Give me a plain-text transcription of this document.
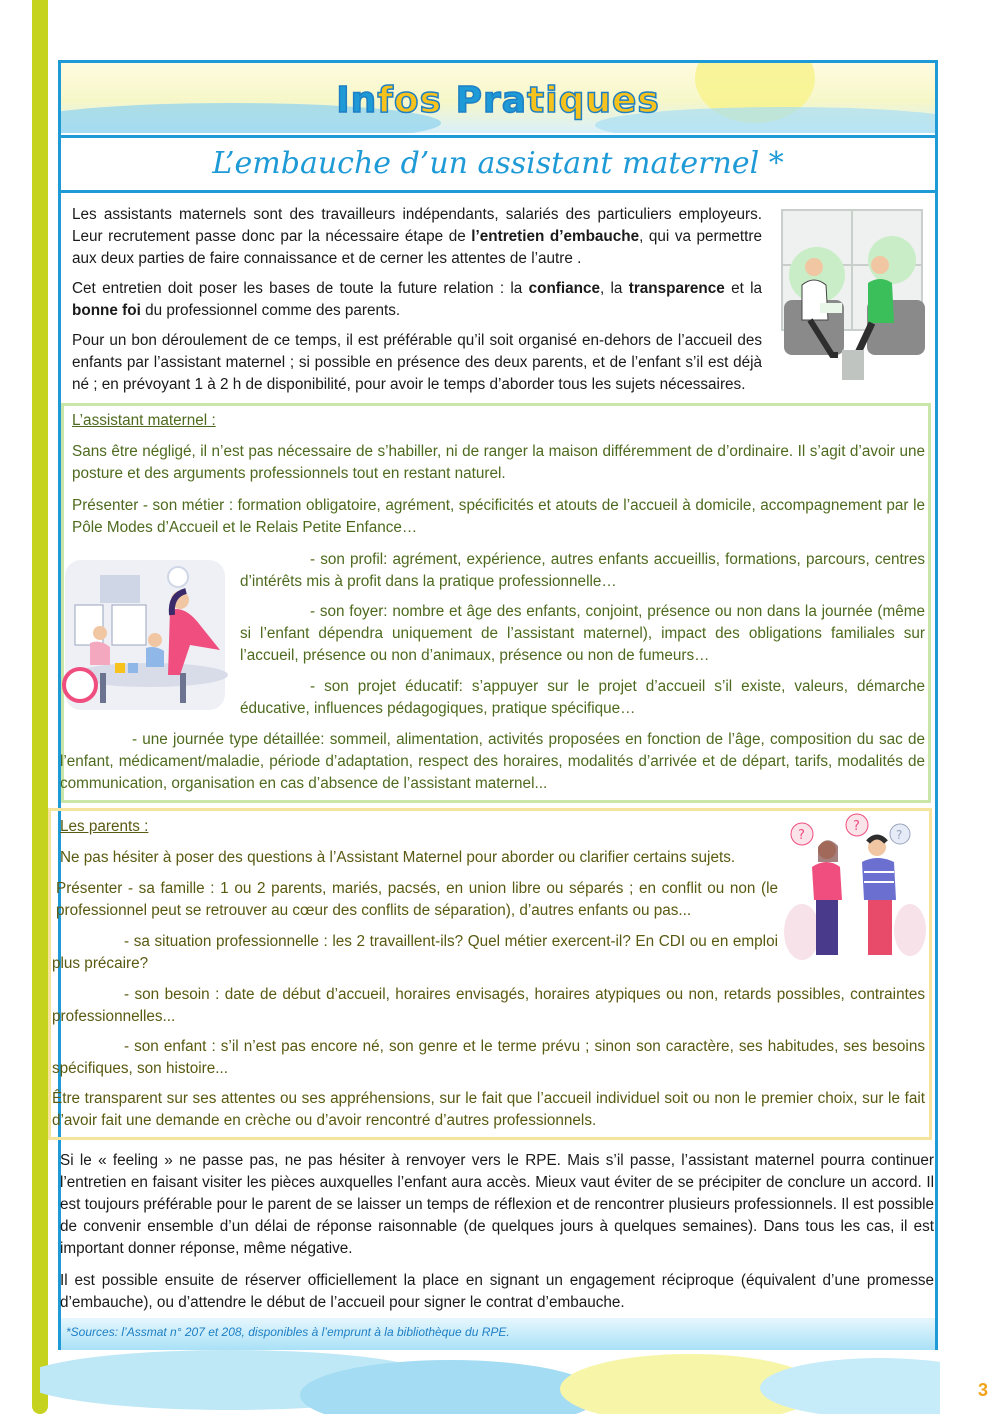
Infos Pratiques
L’embauche d’un assistant maternel *

Les assistants maternels sont des travailleurs indépendants, salariés des particuliers employeurs. Leur recrutement passe donc par la nécessaire étape de l’entretien d’embauche, qui va permettre aux deux parties de faire connaissance et de cerner les attentes de l’autre .

Cet entretien doit poser les bases de toute la future relation : la confiance, la transparence et la bonne foi du professionnel comme des parents.

Pour un bon déroulement de ce temps, il est préférable qu’il soit organisé en-dehors de l’accueil des enfants par l’assistant maternel ; si possible en présence des deux parents, et de l’enfant s’il est déjà né ; en prévoyant 1 à 2 h de disponibilité, pour avoir le temps d’aborder tous les sujets nécessaires.

L’assistant maternel :

Sans être négligé, il n’est pas nécessaire de s’habiller, ni de ranger la maison différemment de d’ordinaire. Il s’agit d’avoir une posture et des arguments professionnels tout en restant naturel.

Présenter - son métier : formation obligatoire, agrément, spécificités et atouts de l’accueil à domicile, accompagnement par le Pôle Modes d’Accueil et le Relais Petite Enfance…

- son profil: agrément, expérience, autres enfants accueillis, formations, parcours, centres d’intérêts mis à profit dans la pratique professionnelle…

- son foyer: nombre et âge des enfants, conjoint, présence ou non dans la journée (même si l’enfant dépendra uniquement de l’assistant maternel), impact des obligations familiales sur l’accueil, présence ou non d’animaux, présence ou non de fumeurs…

- son projet éducatif: s’appuyer sur le projet d’accueil s’il existe, valeurs, démarche éducative, influences pédagogiques, pratique spécifique…

- une journée type détaillée: sommeil, alimentation, activités proposées en fonction de l’âge, composition du sac de l’enfant, médicament/maladie, période d’adaptation, respect des horaires, modalités d’arrivée et de départ, tarifs, modalités de communication, organisation en cas d’absence de l’assistant maternel...

Les parents :

Ne pas hésiter à poser des questions à l’Assistant Maternel pour aborder ou clarifier certains sujets.

Présenter - sa famille : 1 ou 2 parents, mariés, pacsés, en union libre ou séparés ; en conflit ou non (le professionnel peut se retrouver au cœur des conflits de séparation), d’autres enfants ou pas...

- sa situation professionnelle : les 2 travaillent-ils? Quel métier exercent-il? En CDI ou en emploi plus précaire?

- son besoin : date de début d’accueil, horaires envisagés, horaires atypiques ou non, retards possibles, contraintes professionnelles...

- son enfant : s’il n’est pas encore né, son genre et le terme prévu ; sinon son caractère, ses habitudes, ses besoins spécifiques, son histoire...

Être transparent sur ses attentes ou ses appréhensions, sur le fait que l’accueil individuel soit ou non le premier choix, sur le fait d’avoir fait une demande en crèche ou d’avoir rencontré d’autres professionnels.

?
?
?

Si le « feeling » ne passe pas, ne pas hésiter à renvoyer vers le RPE. Mais s’il passe, l’assistant maternel pourra continuer l’entretien en faisant visiter les pièces auxquelles l’enfant aura accès. Mieux vaut éviter de se précipiter de conclure un accord. Il est toujours préférable pour le parent de se laisser un temps de réflexion et de rencontrer plusieurs professionnels. Il est possible de convenir ensemble d’un délai de réponse raisonnable (de quelques jours à quelques semaines). Dans tous les cas, il est important donner réponse, même négative.

Il est possible ensuite de réserver officiellement la place en signant un engagement réciproque (équivalent d’une promesse d’embauche), ou d’attendre le début de l’accueil pour signer le contrat d’embauche.

*Sources: l’Assmat n° 207 et 208, disponibles à l’emprunt à la bibliothèque du RPE.
3
